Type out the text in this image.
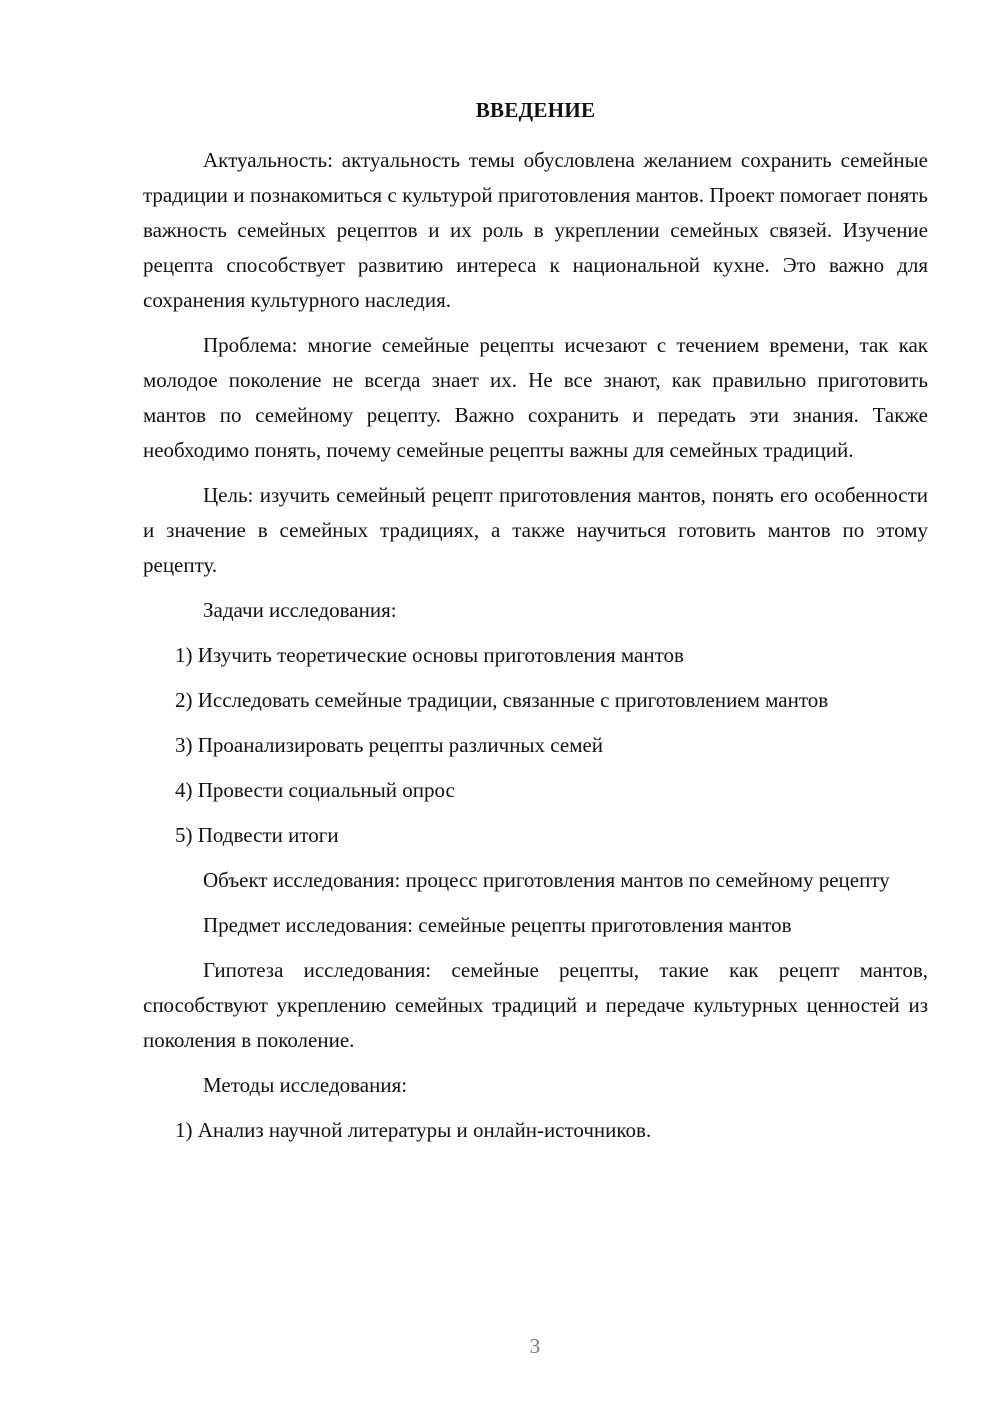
ВВЕДЕНИЕ

Актуальность: актуальность темы обусловлена желанием сохранить семейные традиции и познакомиться с культурой приготовления мантов. Проект помогает понять важность семейных рецептов и их роль в укреплении семейных связей. Изучение рецепта способствует развитию интереса к национальной кухне. Это важно для сохранения культурного наследия.

Проблема: многие семейные рецепты исчезают с течением времени, так как молодое поколение не всегда знает их. Не все знают, как правильно приготовить мантов по семейному рецепту. Важно сохранить и передать эти знания. Также необходимо понять, почему семейные рецепты важны для семейных традиций.

Цель: изучить семейный рецепт приготовления мантов, понять его особенности и значение в семейных традициях, а также научиться готовить мантов по этому рецепту.

Задачи исследования:

1) Изучить теоретические основы приготовления мантов

2) Исследовать семейные традиции, связанные с приготовлением мантов

3) Проанализировать рецепты различных семей

4) Провести социальный опрос

5) Подвести итоги

Объект исследования: процесс приготовления мантов по семейному рецепту

Предмет исследования: семейные рецепты приготовления мантов

Гипотеза исследования: семейные рецепты, такие как рецепт мантов, способствуют укреплению семейных традиций и передаче культурных ценностей из поколения в поколение.

Методы исследования:

1) Анализ научной литературы и онлайн-источников.

3
